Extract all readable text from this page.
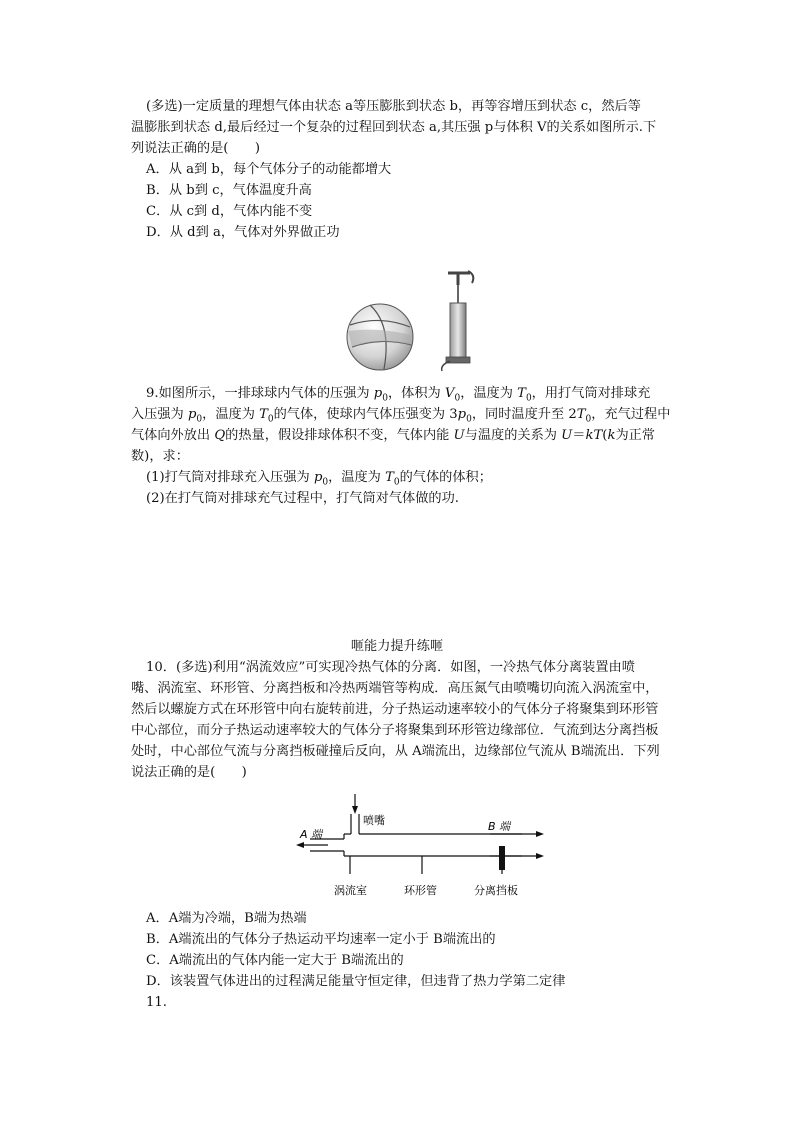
(多选)一定质量的理想气体由状态 a等压膨胀到状态 b，再等容增压到状态 c，然后等
温膨胀到状态 d,最后经过一个复杂的过程回到状态 a,其压强 p与体积 V的关系如图所示.下
列说法正确的是(　　)
A．从 a到 b，每个气体分子的动能都增大
B．从 b到 c，气体温度升高
C．从 c到 d，气体内能不变
D．从 d到 a，气体对外界做正功
9.如图所示，一排球球内气体的压强为 $p_0$，体积为 $V_0$，温度为 $T_0$，用打气筒对排球充
入压强为 $p_0$，温度为 $T_0$的气体，使球内气体压强变为 $3p_0$，同时温度升至 $2T_0$，充气过程中
气体向外放出 Q的热量，假设排球体积不变，气体内能 U与温度的关系为 U＝kT(k为正常
数)，求：
(1)打气筒对排球充入压强为 $p_0$，温度为 $T_0$的气体的体积；
(2)在打气筒对排球充气过程中，打气筒对气体做的功.
咂能力提升练咂
10．(多选)利用“涡流效应”可实现冷热气体的分离．如图，一冷热气体分离装置由喷
嘴、涡流室、环形管、分离挡板和冷热两端管等构成．高压氮气由喷嘴切向流入涡流室中，
然后以螺旋方式在环形管中向右旋转前进，分子热运动速率较小的气体分子将聚集到环形管
中心部位，而分子热运动速率较大的气体分子将聚集到环形管边缘部位．气流到达分离挡板
处时，中心部位气流与分离挡板碰撞后反向，从 A端流出，边缘部位气流从 B端流出．下列
说法正确的是(　　)
喷嘴
A 端
B 端
涡流室	环形管	分离挡板
A．A端为冷端，B端为热端
B．A端流出的气体分子热运动平均速率一定小于 B端流出的
C．A端流出的气体内能一定大于 B端流出的
D．该装置气体进出的过程满足能量守恒定律，但违背了热力学第二定律
11.
